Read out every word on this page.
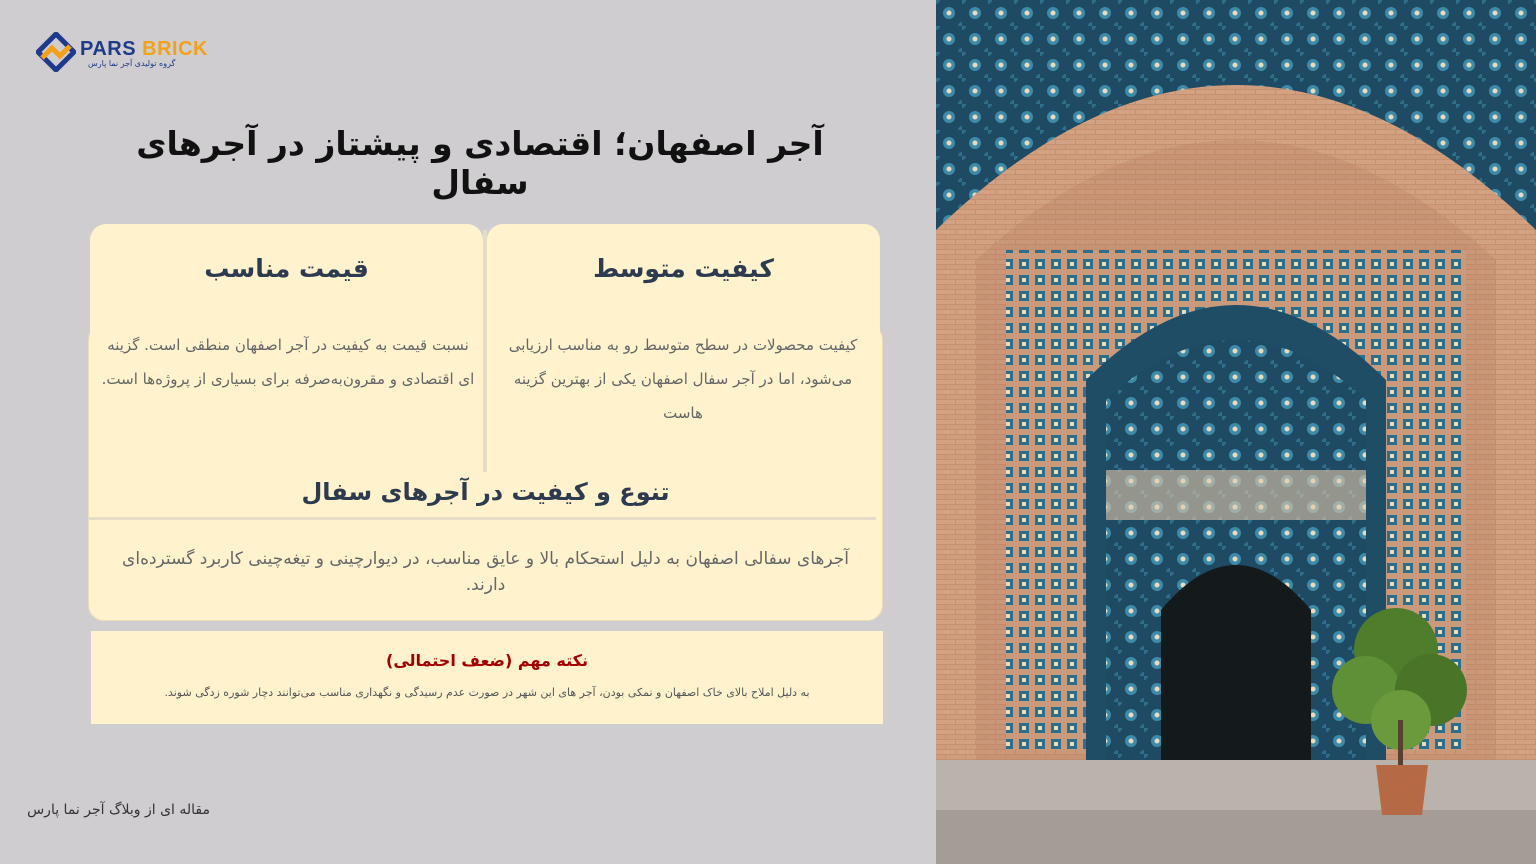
PARS BRICK
گروه تولیدی آجر نما پارس
آجر اصفهان؛ اقتصادی و پیشتاز در آجرهای سفال
قیمت مناسب	کیفیت متوسط
نسبت قیمت به کیفیت در آجر اصفهان منطقی است. گزینه ای اقتصادی و مقرون‌به‌صرفه برای بسیاری از پروژه‌ها است.
کیفیت محصولات در سطح متوسط رو به مناسب ارزیابی می‌شود، اما در آجر سفال اصفهان یکی از بهترین گزینه هاست
تنوع و کیفیت در آجرهای سفال
آجرهای سفالی اصفهان به دلیل استحکام بالا و عایق مناسب، در دیوارچینی و تیغه‌چینی کاربرد گسترده‌ای دارند.
نکته مهم (ضعف احتمالی)
به دلیل املاح بالای خاک اصفهان و نمکی بودن، آجر های این شهر در صورت عدم رسیدگی و نگهداری مناسب می‌توانند دچار شوره زدگی شوند.
مقاله ای از وبلاگ آجر نما پارس
